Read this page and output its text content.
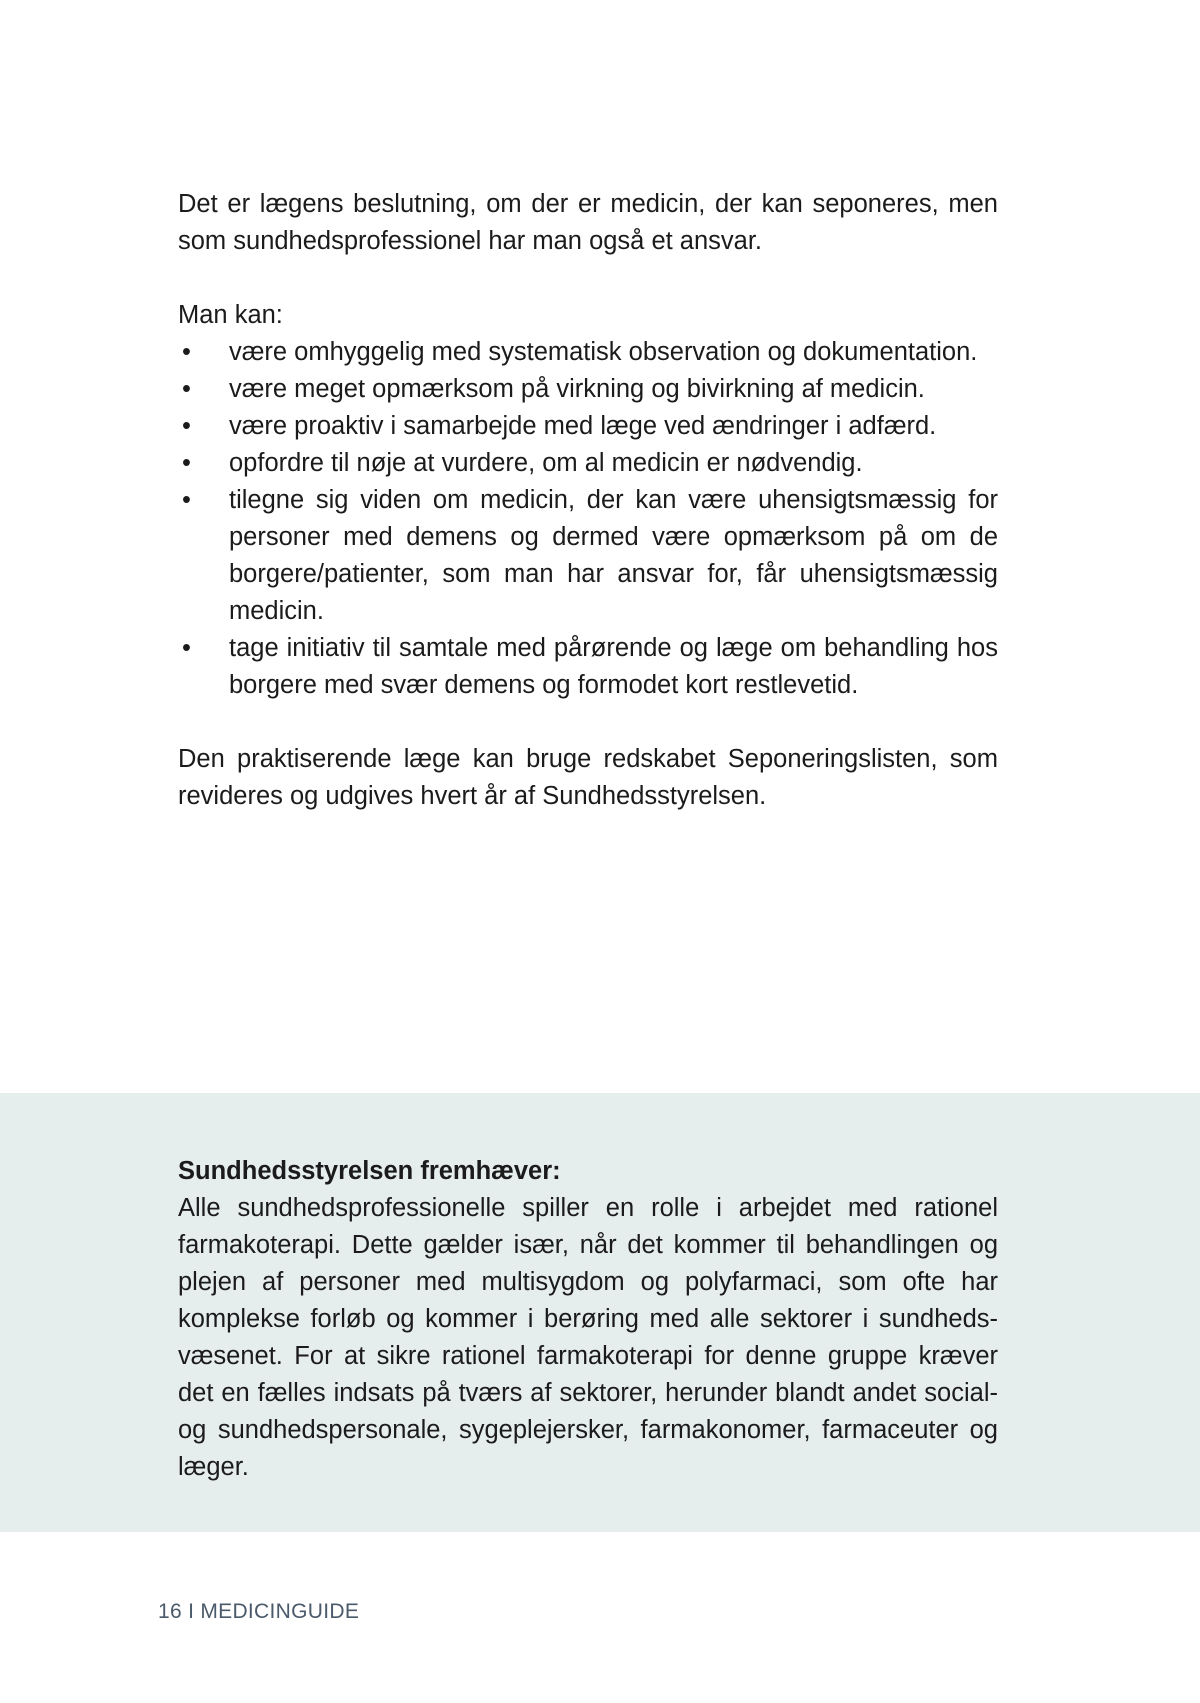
Det er lægens beslutning, om der er medicin, der kan seponeres, men som sundhedsprofessionel har man også et ansvar.

Man kan:

• være omhyggelig med systematisk observation og dokumentation.
• være meget opmærksom på virkning og bivirkning af medicin.
• være proaktiv i samarbejde med læge ved ændringer i adfærd.
• opfordre til nøje at vurdere, om al medicin er nødvendig.
• tilegne sig viden om medicin, der kan være uhensigtsmæssig for personer med demens og dermed være opmærksom på om de borgere/patienter, som man har ansvar for, får uhensigtsmæssig medicin.
• tage initiativ til samtale med pårørende og læge om behandling hos borgere med svær demens og formodet kort restlevetid.

Den praktiserende læge kan bruge redskabet Seponeringslisten, som revideres og udgives hvert år af Sundhedsstyrelsen.

Sundhedsstyrelsen fremhæver:

Alle sundhedsprofessionelle spiller en rolle i arbejdet med rationel farmakoterapi. Dette gælder især, når det kommer til behandlingen og plejen af personer med multisygdom og polyfarmaci, som ofte har komplekse forløb og kommer i berøring med alle sektorer i sundhedsvæsenet. For at sikre rationel farmakoterapi for denne gruppe kræver det en fælles indsats på tværs af sektorer, herunder blandt andet social- og sundhedspersonale, sygeplejersker, farmakonomer, farmaceuter og læger.

16 I MEDICINGUIDE
